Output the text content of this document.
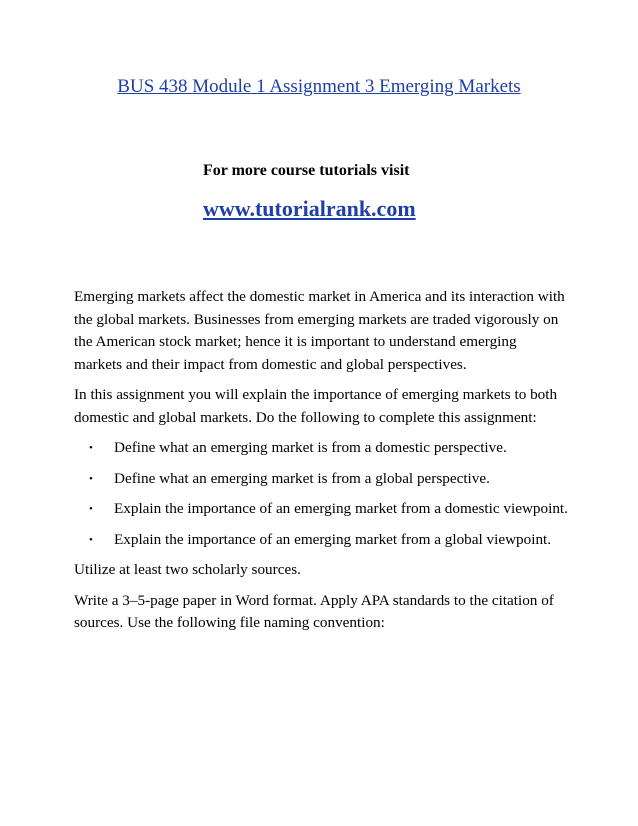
BUS 438 Module 1 Assignment 3 Emerging Markets
For more course tutorials visit
www.tutorialrank.com

Emerging markets affect the domestic market in America and its interaction with the global markets. Businesses from emerging markets are traded vigorously on the American stock market; hence it is important to understand emerging markets and their impact from domestic and global perspectives.

In this assignment you will explain the importance of emerging markets to both domestic and global markets. Do the following to complete this assignment:

• Define what an emerging market is from a domestic perspective.
• Define what an emerging market is from a global perspective.
• Explain the importance of an emerging market from a domestic viewpoint.
• Explain the importance of an emerging market from a global viewpoint.

Utilize at least two scholarly sources.

Write a 3–5-page paper in Word format. Apply APA standards to the citation of sources. Use the following file naming convention:
